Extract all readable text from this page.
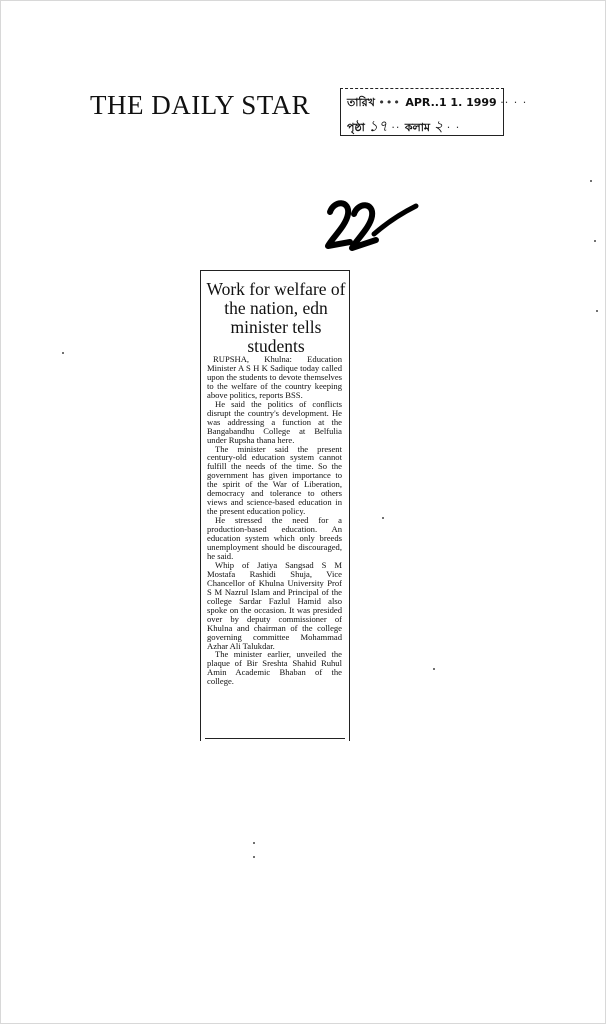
THE DAILY STAR	তারিখ ••• APR..1 1. 1999 ·· · ·
পৃষ্ঠা ১৭ ·· কলাম ২ · ·
Work for welfare of the nation, edn minister tells students

RUPSHA, Khulna: Education Minister A S H K Sadique today called upon the students to devote themselves to the welfare of the country keeping above politics, reports BSS.

He said the politics of conflicts disrupt the country's development. He was addressing a function at the Bangabandhu College at Belfulia under Rupsha thana here.

The minister said the present century-old education system cannot fulfill the needs of the time. So the government has given importance to the spirit of the War of Liberation, democracy and tolerance to others views and science-based education in the present education policy.

He stressed the need for a production-based education. An education system which only breeds unemployment should be discouraged, he said.

Whip of Jatiya Sangsad S M Mostafa Rashidi Shuja, Vice Chancellor of Khulna University Prof S M Nazrul Islam and Principal of the college Sardar Fazlul Hamid also spoke on the occasion. It was presided over by deputy commissioner of Khulna and chairman of the college governing committee Mohammad Azhar Ali Talukdar.

The minister earlier, unveiled the plaque of Bir Sreshta Shahid Ruhul Amin Academic Bhaban of the college.
